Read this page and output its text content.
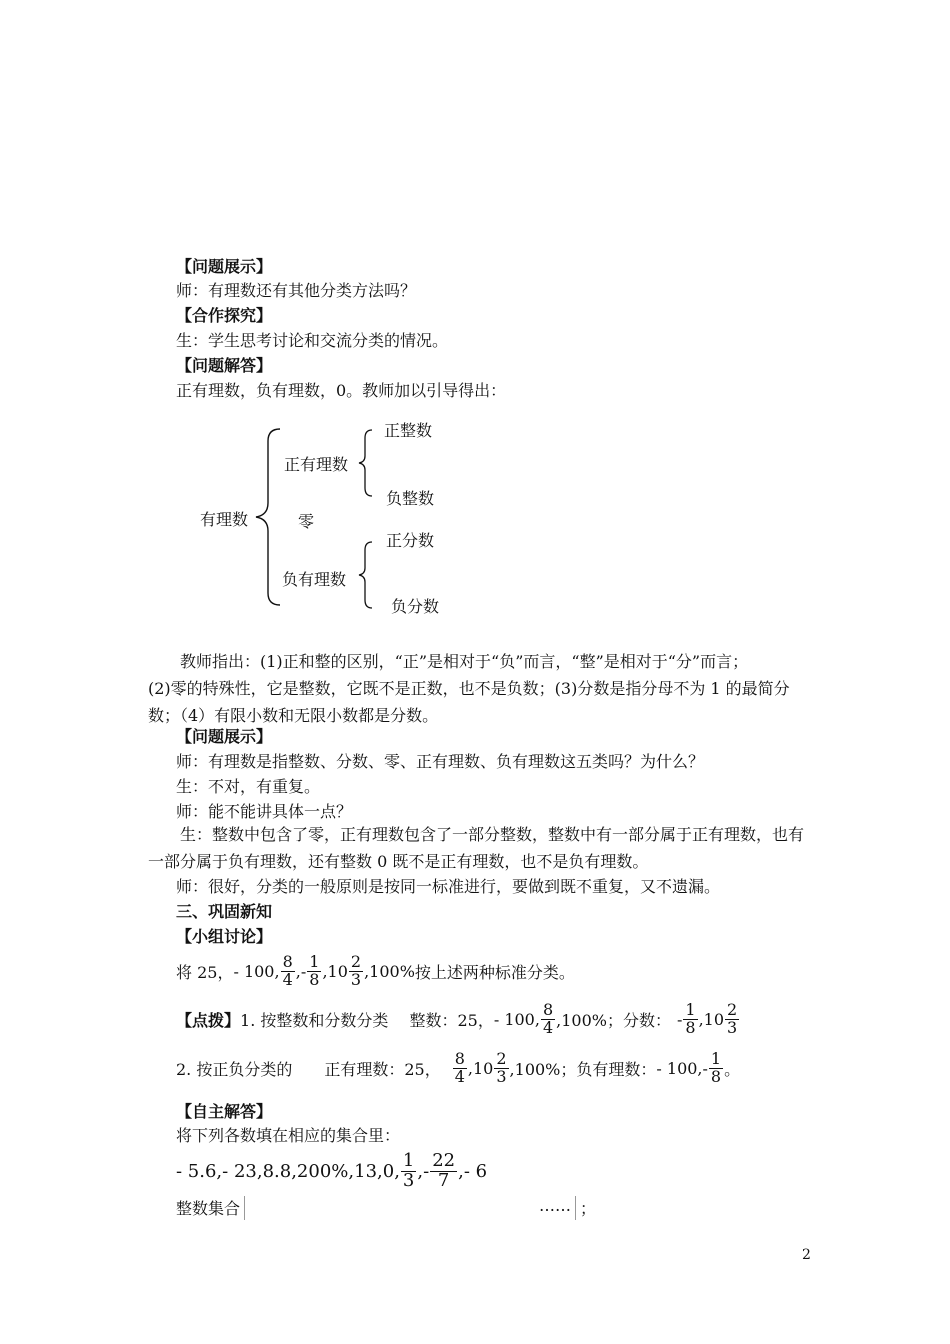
【问题展示】
师：有理数还有其他分类方法吗？
【合作探究】
生：学生思考讨论和交流分类的情况。
【问题解答】
正有理数，负有理数，0。教师加以引导得出：
有理数
正有理数
零
负有理数
正整数
负整数
正分数
负分数
教师指出：(1)正和整的区别，“正”是相对于“负”而言，“整”是相对于“分”而言；
(2)零的特殊性，它是整数，它既不是正数，也不是负数；(3)分数是指分母不为 1 的最简分
数；（4）有限小数和无限小数都是分数。
【问题展示】
师：有理数是指整数、分数、零、正有理数、负有理数这五类吗？为什么？
生：不对，有重复。
师：能不能讲具体一点？
生：整数中包含了零，正有理数包含了一部分整数，整数中有一部分属于正有理数，也有
一部分属于负有理数，还有整数 0 既不是正有理数，也不是负有理数。
师：很好，分类的一般原则是按同一标准进行，要做到既不重复，又不遗漏。
三、巩固新知
【小组讨论】
将 25， - 100, $\frac{8}{4}$ ,- $\frac{1}{8} ,10 \frac{2}{3} ,100\%$ 按上述两种标准分类。
【点拨】 1. 按整数和分数分类　 整数：25， - 100, $\frac{8}{4} ,100\%$；分数： - $\frac{1}{8} ,10 \frac{2}{3}$
2. 按正负分类的　　正有理数：25， $\frac{8}{4} ,10 \frac{2}{3} ,100\%$；负有理数： - $100,- \frac{1}{8}$ 。
【自主解答】
将下列各数填在相应的集合里：
- 5.6,- 23,8.8,200%,13,0, $\frac{1}{3}$ ,- $\frac{22}{7}$ ,- 6
整数集合	…… ；
2
